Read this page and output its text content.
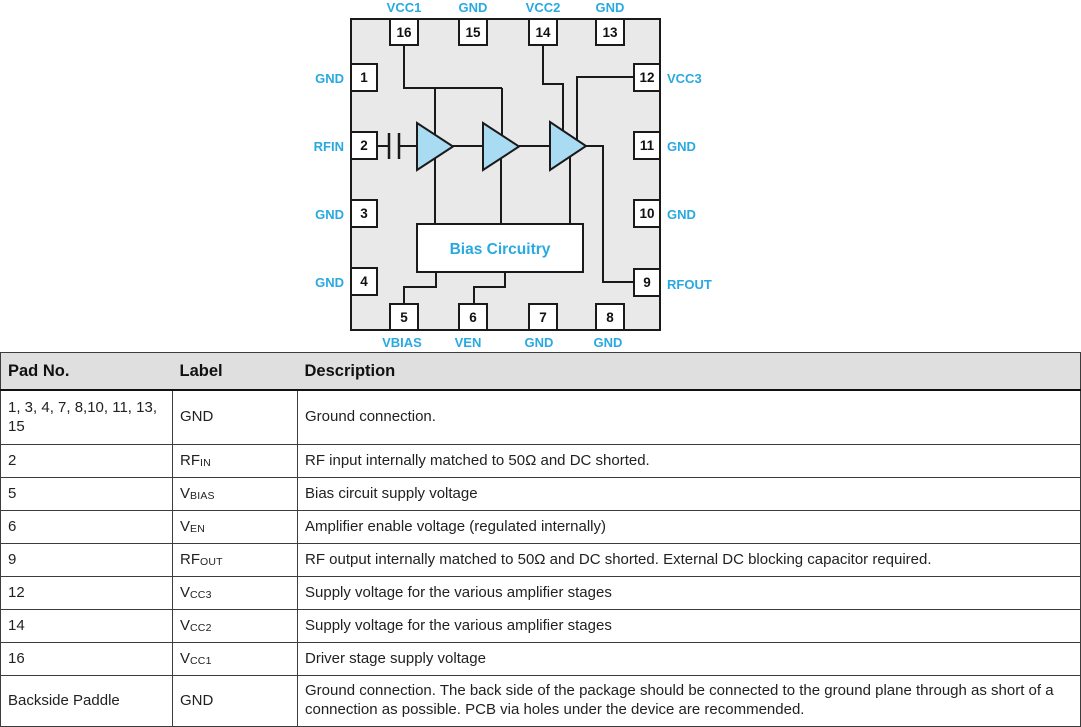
Bias Circuitry
16	15	14	13
1
2
3
4
12
11
10
9
5	6	7	8
VCC1	GND	VCC2	GND
GND
RFIN
GND
GND
VCC3
GND
GND
RFOUT
VBIAS	VEN	GND	GND
Pad No.	Label	Description
1, 3, 4, 7, 8,10, 11, 13, 15	GND	Ground connection.
2	RFIN	RF input internally matched to 50Ω and DC shorted.
5	VBIAS	Bias circuit supply voltage
6	VEN	Amplifier enable voltage (regulated internally)
9	RFOUT	RF output internally matched to 50Ω and DC shorted. External DC blocking capacitor required.
12	VCC3	Supply voltage for the various amplifier stages
14	VCC2	Supply voltage for the various amplifier stages
16	VCC1	Driver stage supply voltage
Backside Paddle	GND	Ground connection. The back side of the package should be connected to the ground plane through as short of a connection as possible. PCB via holes under the device are recommended.
